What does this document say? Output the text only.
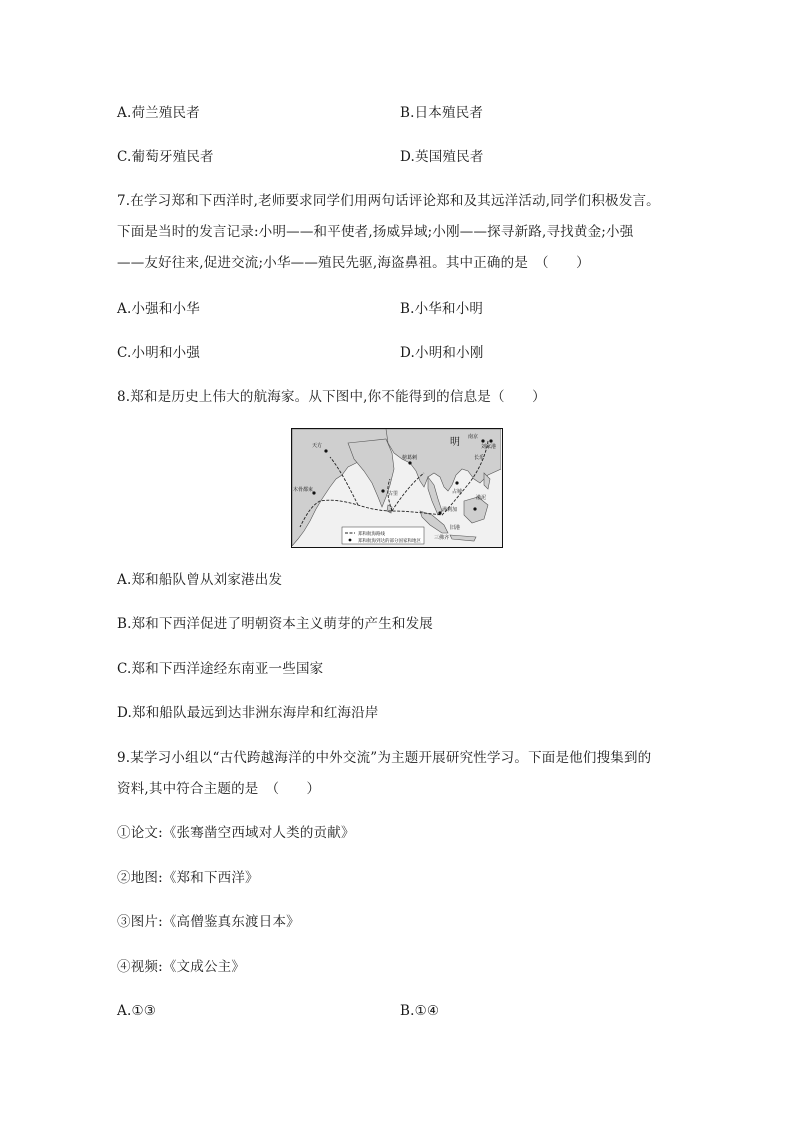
A.荷兰殖民者	B.日本殖民者
C.葡萄牙殖民者	D.英国殖民者
7.在学习郑和下西洋时,老师要求同学们用两句话评论郑和及其远洋活动,同学们积极发言。
下面是当时的发言记录:小明——和平使者,扬威异域;小刚——探寻新路,寻找黄金;小强
——友好往来,促进交流;小华——殖民先驱,海盗鼻祖。其中正确的是　（　　）
A.小强和小华	B.小华和小明
C.小明和小强	D.小明和小刚
8.郑和是历史上伟大的航海家。从下图中,你不能得到的信息是（　　）
明 南京
刘家港
长乐
天方
木骨都束
古里
榜葛剌
占城
满剌加
渤泥
旧港
三佛齐
郑和航海路线
郑和航海到达的部分国家和地区
A.郑和船队曾从刘家港出发
B.郑和下西洋促进了明朝资本主义萌芽的产生和发展
C.郑和下西洋途经东南亚一些国家
D.郑和船队最远到达非洲东海岸和红海沿岸
9.某学习小组以“古代跨越海洋的中外交流”为主题开展研究性学习。下面是他们搜集到的
资料,其中符合主题的是　（　　）
①论文:《张骞凿空西域对人类的贡献》
②地图:《郑和下西洋》
③图片:《高僧鉴真东渡日本》
④视频:《文成公主》
A.①③	B.①④
